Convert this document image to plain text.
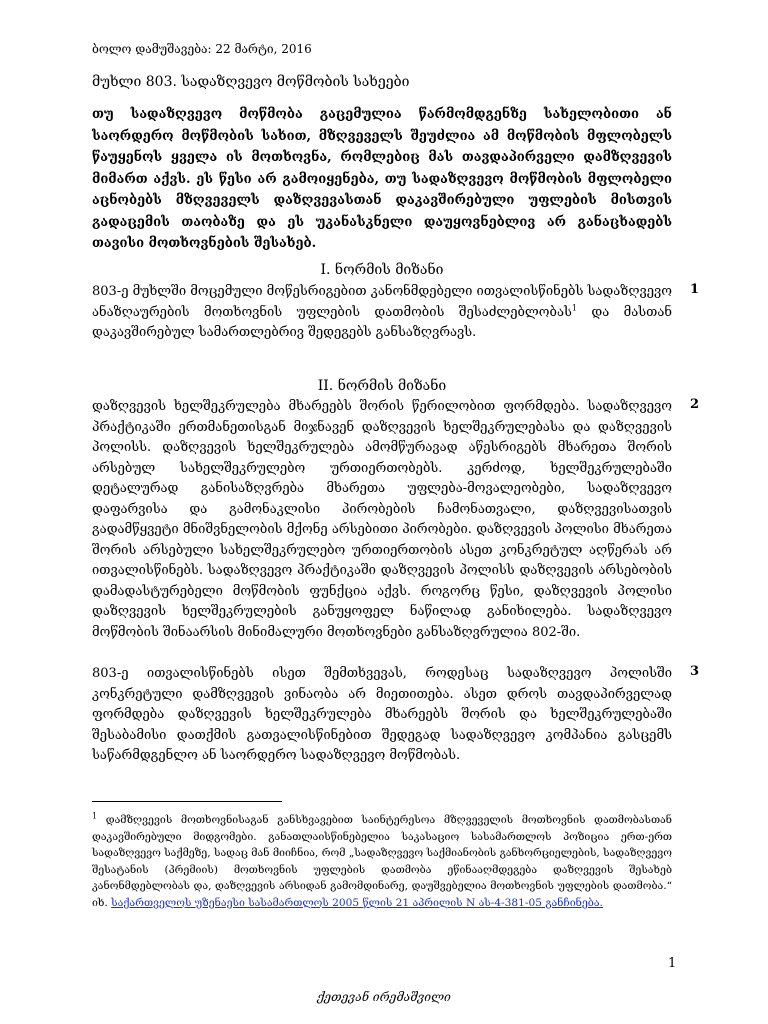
ბოლო დამუშავება: 22 მარტი, 2016
მუხლი 803. სადაზღვევო მოწმობის სახეები
თუ სადაზღვევო მოწმობა გაცემულია წარმომდგენზე სახელობითი ან საორდერო მოწმობის სახით, მზღვეველს შეუძლია ამ მოწმობის მფლობელს წაუყენოს ყველა ის მოთხოვნა, რომლებიც მას თავდაპირველი დამზღვევის მიმართ აქვს. ეს წესი არ გამოიყენება, თუ სადაზღვევო მოწმობის მფლობელი აცნობებს მზღვეველს დაზღვევასთან დაკავშირებული უფლების მისთვის გადაცემის თაობაზე და ეს უკანასკნელი დაუყოვნებლივ არ განაცხადებს თავისი მოთხოვნების შესახებ.
I. ნორმის მიზანი
803-ე მუხლში მოცემული მოწესრიგებით კანონმდებელი ითვალისწინებს სადაზღვევო ანაზღაურების მოთხოვნის უფლების დათმობის შესაძლებლობას$^1$ და მასთან დაკავშირებულ სამართლებრივ შედეგებს განსაზღვრავს.
1
II. ნორმის მიზანი
დაზღვევის ხელშეკრულება მხარეებს შორის წერილობით ფორმდება. სადაზღვევო პრაქტიკაში ერთმანეთისგან მიჯნავენ დაზღვევის ხელშეკრულებასა და დაზღვევის პოლისს. დაზღვევის ხელშეკრულება ამომწურავად აწესრიგებს მხარეთა შორის არსებულ სახელშეკრულებო ურთიერთობებს. კერძოდ, ხელშეკრულებაში დეტალურად განისაზღვრება მხარეთა უფლება-მოვალეობები, სადაზღვევო დაფარვისა და გამონაკლისი პირობების ჩამონათვალი, დაზღვევისათვის გადამწყვეტი მნიშვნელობის მქონე არსებითი პირობები. დაზღვევის პოლისი მხარეთა შორის არსებული სახელშეკრულებო ურთიერთობის ასეთ კონკრეტულ აღწერას არ ითვალისწინებს. სადაზღვევო პრაქტიკაში დაზღვევის პოლისს დაზღვევის არსებობის დამადასტურებელი მოწმობის ფუნქცია აქვს. როგორც წესი, დაზღვევის პოლისი დაზღვევის ხელშეკრულების განუყოფელ ნაწილად განიხილება. სადაზღვევო მოწმობის შინაარსის მინიმალური მოთხოვნები განსაზღვრულია 802-ში.
2
803-ე ითვალისწინებს ისეთ შემთხვევას, როდესაც სადაზღვევო პოლისში კონკრეტული დამზღვევის ვინაობა არ მიეთითება. ასეთ დროს თავდაპირველად ფორმდება დაზღვევის ხელშეკრულება მხარეებს შორის და ხელშეკრულებაში შესაბამისი დათქმის გათვალისწინებით შედეგად სადაზღვევო კომპანია გასცემს საწარმდგენლო ან საორდერო სადაზღვევო მოწმობას.
3
$^1$ დამზღვევის მოთხოვნისაგან განსხვავებით საინტერესოა მზღვეველის მოთხოვნის დათმობასთან დაკავშირებული მიდგომები. განათლაისწინებელია საკასაციო სასამართლოს პოზიცია ერთ-ერთ სადაზღვევო საქმეზე, სადაც მან მიიჩნია, რომ „სადაზღვევო საქმიანობის განხორციელების, სადაზღვევო შესატანის (პრემიის) მოთხოვნის უფლების დათმობა ეწინააღმდეგება დაზღვევის შესახებ კანონმდებლობას და, დაზღვევის არსიდან გამომდინარე, დაუშვებელია მოთხოვნის უფლების დათმობა.“ იხ. საქართველოს უზენაესი სასამართლოს 2005 წლის 21 აპრილის N ას-4-381-05 განჩინება.
1
ქეთევან ირემაშვილი
